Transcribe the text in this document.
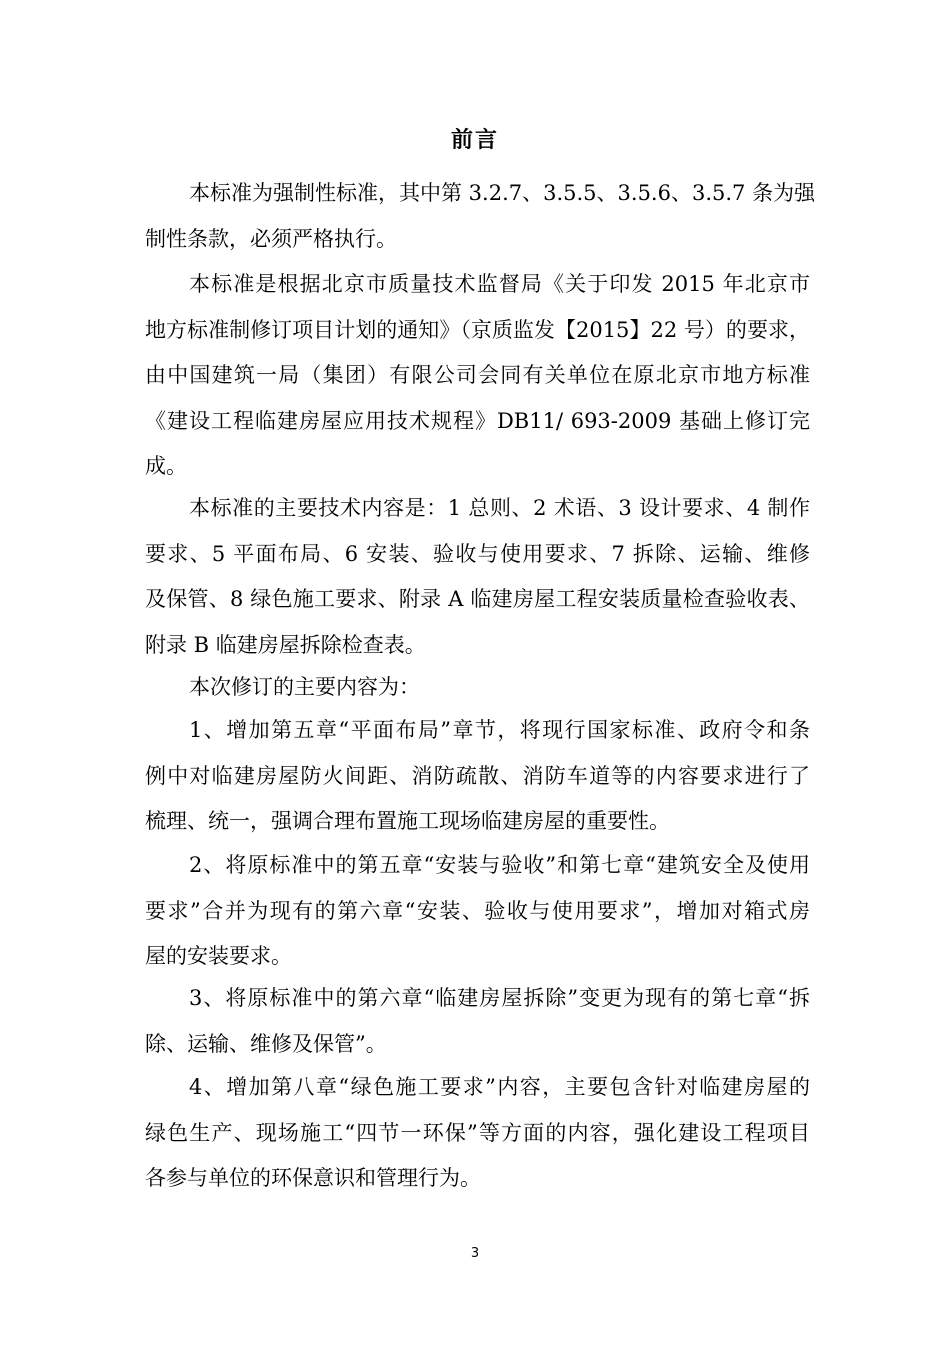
前言
本标准为强制性标准，其中第 3.2.7、3.5.5、3.5.6、3.5.7 条为强
制性条款，必须严格执行。
本标准是根据北京市质量技术监督局《关于印发 2015 年北京市
地方标准制修订项目计划的通知》（京质监发【2015】22 号）的要求，
由中国建筑一局（集团）有限公司会同有关单位在原北京市地方标准
《建设工程临建房屋应用技术规程》DB11/ 693-2009 基础上修订完
成。
本标准的主要技术内容是：1 总则、2 术语、3 设计要求、4 制作
要求、5 平面布局、6 安装、验收与使用要求、7 拆除、运输、维修
及保管、8 绿色施工要求、附录 A 临建房屋工程安装质量检查验收表、
附录 B 临建房屋拆除检查表。
本次修订的主要内容为：
1、增加第五章“平面布局”章节，将现行国家标准、政府令和条
例中对临建房屋防火间距、消防疏散、消防车道等的内容要求进行了
梳理、统一，强调合理布置施工现场临建房屋的重要性。
2、将原标准中的第五章“安装与验收”和第七章“建筑安全及使用
要求”合并为现有的第六章“安装、验收与使用要求”，增加对箱式房
屋的安装要求。
3、将原标准中的第六章“临建房屋拆除”变更为现有的第七章“拆
除、运输、维修及保管”。
4、增加第八章“绿色施工要求”内容，主要包含针对临建房屋的
绿色生产、现场施工“四节一环保”等方面的内容，强化建设工程项目
各参与单位的环保意识和管理行为。
3
